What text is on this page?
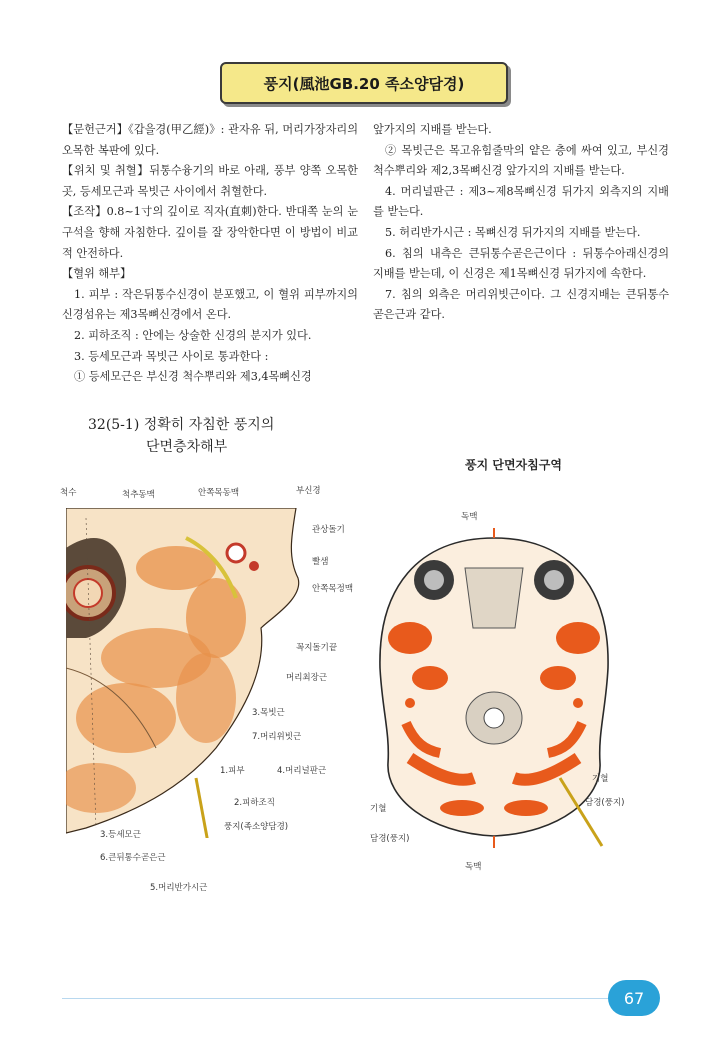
풍지(風池GB.20 족소양담경)

【문헌근거】《갑을경(甲乙經)》: 관자유 뒤, 머리가장자리의 오목한 복판에 있다.

【위치 및 취혈】뒤통수융기의 바로 아래, 풍부 양쪽 오목한 곳, 등세모근과 목빗근 사이에서 취혈한다.

【조작】0.8~1寸의 깊이로 직자(直刺)한다. 반대쪽 눈의 눈구석을 향해 자침한다. 깊이를 잘 장악한다면 이 방법이 비교적 안전하다.

【혈위 해부】

1. 피부 : 작은뒤통수신경이 분포했고, 이 혈위 피부까지의 신경섬유는 제3목뼈신경에서 온다.

2. 피하조직 : 안에는 상술한 신경의 분지가 있다.

3. 등세모근과 목빗근 사이로 통과한다 :

① 등세모근은 부신경 척수뿌리와 제3,4목뼈신경

앞가지의 지배를 받는다.

② 목빗근은 목고유힘줄막의 얕은 층에 싸여 있고, 부신경척수뿌리와 제2,3목뼈신경 앞가지의 지배를 받는다.

4. 머리널판근 : 제3~제8목뼈신경 뒤가지 외측지의 지배를 받는다.

5. 허리반가시근 : 목뼈신경 뒤가지의 지배를 받는다.

6. 침의 내측은 큰뒤통수곧은근이다 : 뒤통수아래신경의 지배를 받는데, 이 신경은 제1목뼈신경 뒤가지에 속한다.

7. 침의 외측은 머리위빗근이다. 그 신경지배는 큰뒤통수곧은근과 같다.

32(5-1) 정확히 자침한 풍지의
단면층차해부
풍지 단면자침구역
척수	척추동맥	안쪽목동맥	부신경
관상돌기
빨샘
안쪽목정맥
꼭지돌기끝
머리최장근
3.목빗근
7.머리위빗근
1.피부	4.머리널판근
2.피하조직
풍지(족소양담경)
3.등세모근
6.큰뒤통수곧은근
5.머리반가시근
독맥
독맥
기혈
담경(풍지)
기혈
담경(풍지)
67
